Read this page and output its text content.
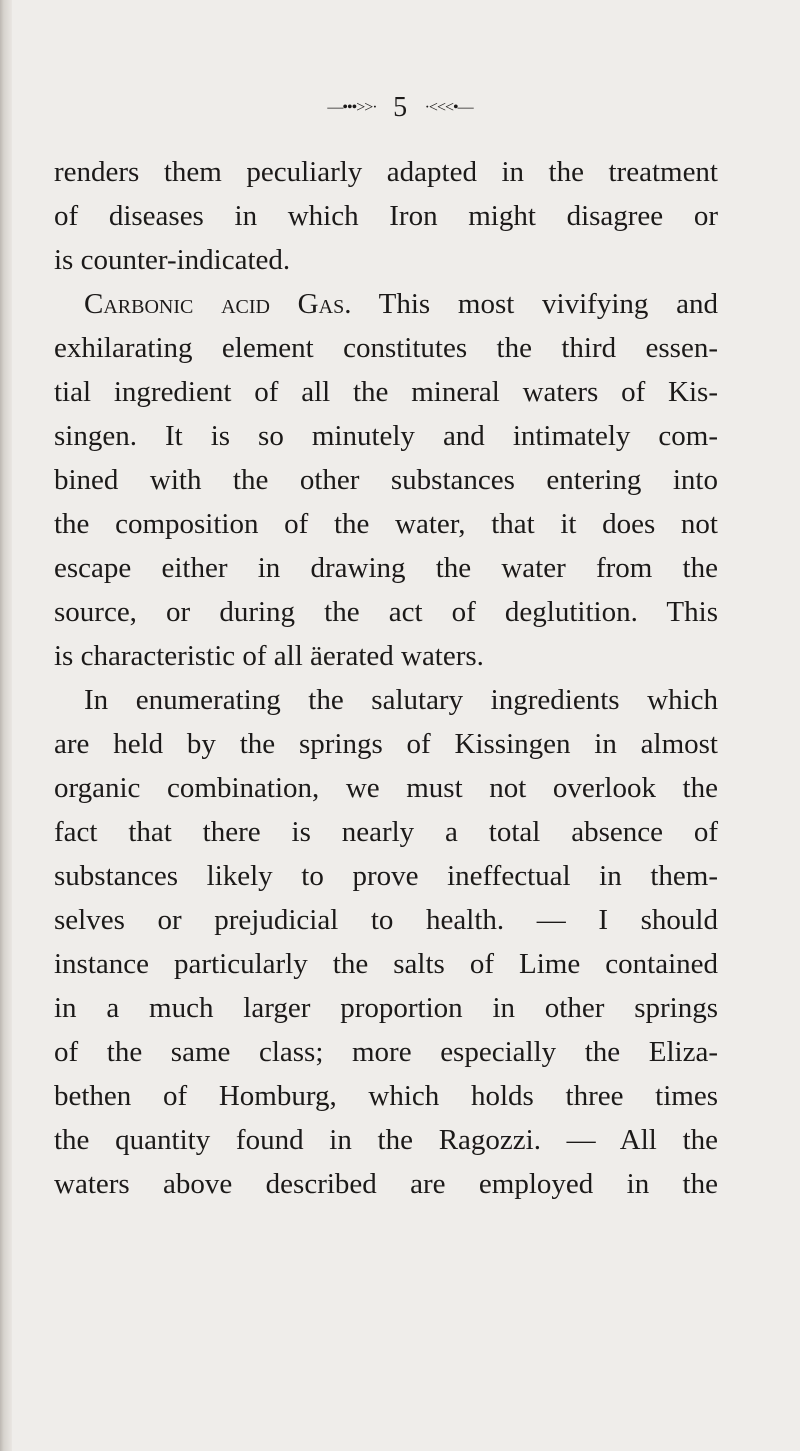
—•••>>· 5 ·<<<•—
renders them peculiarly adapted in the treatment
of diseases in which Iron might disagree or
is counter-indicated.
Carbonic acid Gas. This most vivifying and
exhilarating element constitutes the third essen-
tial ingredient of all the mineral waters of Kis-
singen. It is so minutely and intimately com-
bined with the other substances entering into
the composition of the water, that it does not
escape either in drawing the water from the
source, or during the act of deglutition. This
is characteristic of all äerated waters.
In enumerating the salutary ingredients which
are held by the springs of Kissingen in almost
organic combination, we must not overlook the
fact that there is nearly a total absence of
substances likely to prove ineffectual in them-
selves or prejudicial to health. — I should
instance particularly the salts of Lime contained
in a much larger proportion in other springs
of the same class; more especially the Eliza-
bethen of Homburg, which holds three times
the quantity found in the Ragozzi. — All the
waters above described are employed in the
